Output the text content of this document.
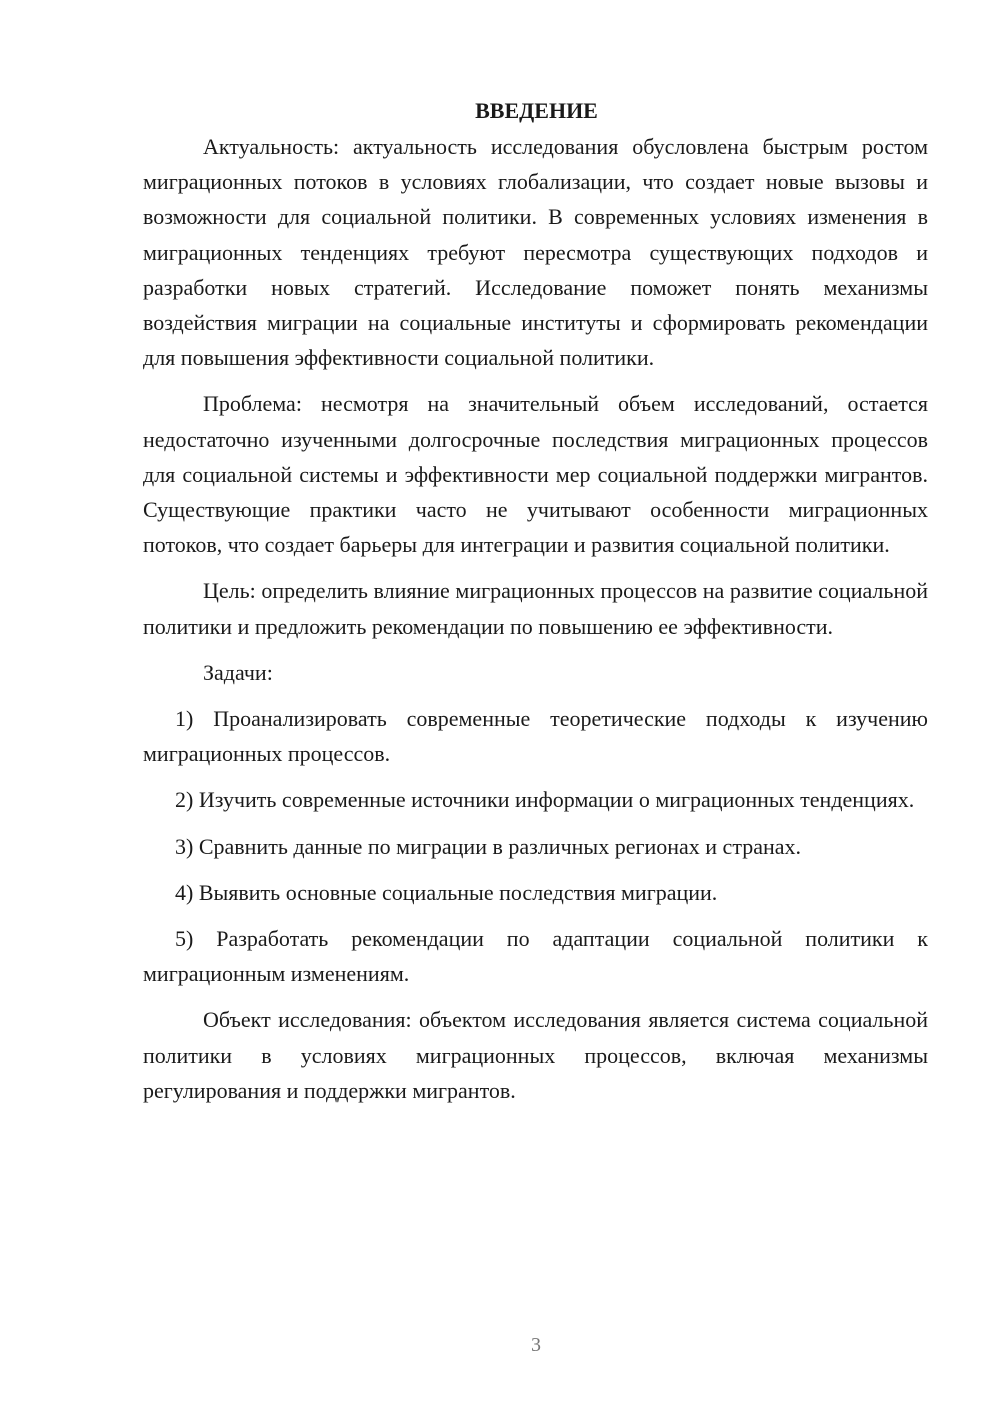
ВВЕДЕНИЕ

Актуальность: актуальность исследования обусловлена быстрым ростом миграционных потоков в условиях глобализации, что создает новые вызовы и возможности для социальной политики. В современных условиях изменения в миграционных тенденциях требуют пересмотра существующих подходов и разработки новых стратегий. Исследование поможет понять механизмы воздействия миграции на социальные институты и сформировать рекомендации для повышения эффективности социальной политики.

Проблема: несмотря на значительный объем исследований, остается недостаточно изученными долгосрочные последствия миграционных процессов для социальной системы и эффективности мер социальной поддержки мигрантов. Существующие практики часто не учитывают особенности миграционных потоков, что создает барьеры для интеграции и развития социальной политики.

Цель: определить влияние миграционных процессов на развитие социальной политики и предложить рекомендации по повышению ее эффективности.

Задачи:

1) Проанализировать современные теоретические подходы к изучению миграционных процессов.

2) Изучить современные источники информации о миграционных тенденциях.

3) Сравнить данные по миграции в различных регионах и странах.

4) Выявить основные социальные последствия миграции.

5) Разработать рекомендации по адаптации социальной политики к миграционным изменениям.

Объект исследования: объектом исследования является система социальной политики в условиях миграционных процессов, включая механизмы регулирования и поддержки мигрантов.

3
